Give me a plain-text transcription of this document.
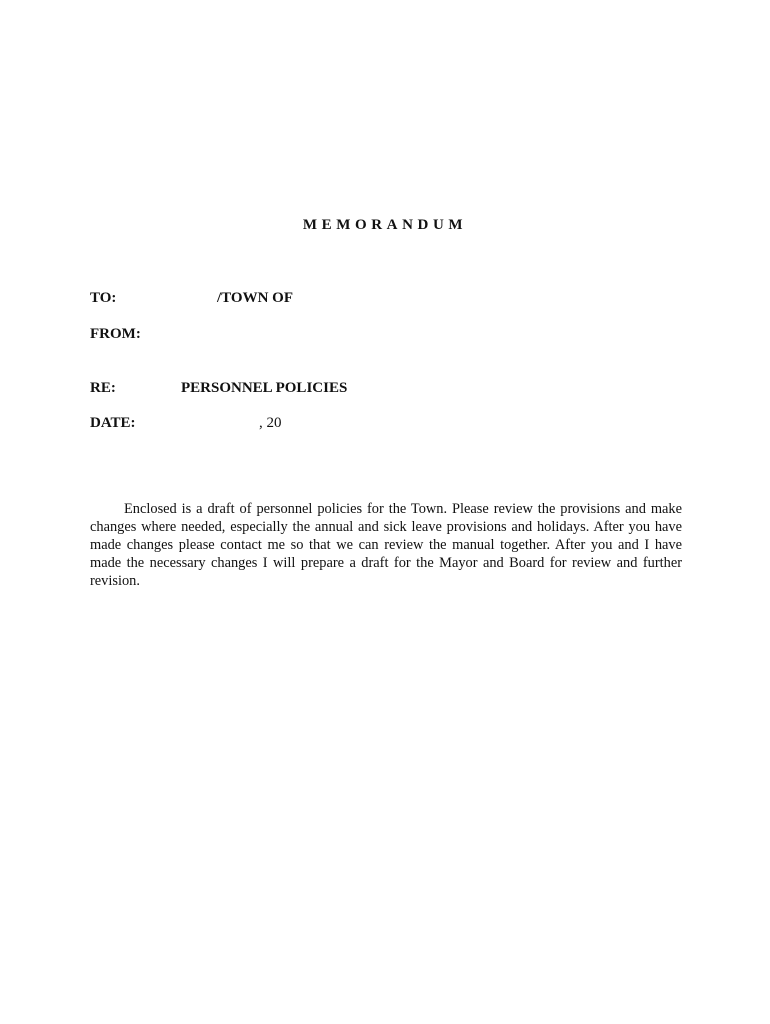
MEMORANDUM
TO:	/TOWN OF
FROM:
RE:	PERSONNEL POLICIES
DATE:	, 20

Enclosed is a draft of personnel policies for the Town. Please review the provisions and make changes where needed, especially the annual and sick leave provisions and holidays. After you have made changes please contact me so that we can review the manual together. After you and I have made the necessary changes I will prepare a draft for the Mayor and Board for review and further revision.
